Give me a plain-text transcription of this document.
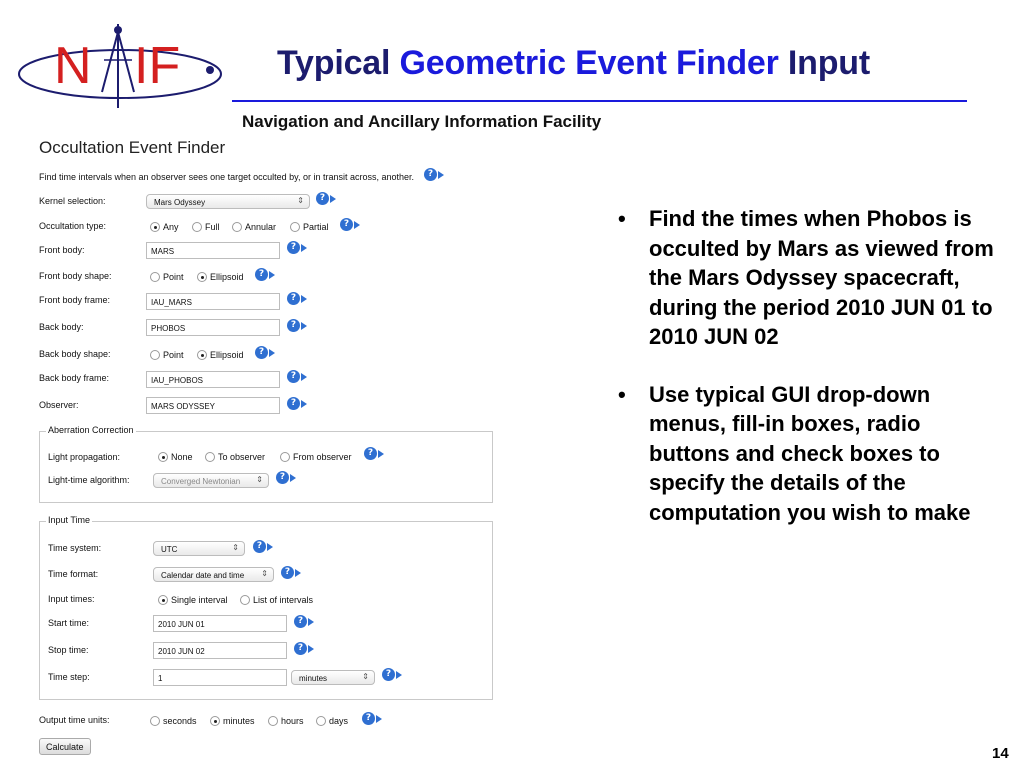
N IF	Typical Geometric Event Finder Input
Navigation and Ancillary Information Facility
14
Occultation Event Finder
Find time intervals when an observer sees one target occulted by, or in transit across, another.	?
Kernel selection:	Mars Odyssey	⇕	?
Occultation type:	Any	Full	Annular	Partial	?
Front body:	MARS	?
Front body shape:	Point	Ellipsoid	?
Front body frame:	IAU_MARS	?
Back body:	PHOBOS	?
Back body shape:	Point	Ellipsoid	?
Back body frame:	IAU_PHOBOS	?
Observer:	MARS ODYSSEY	?
Aberration Correction
Light propagation:	None	To observer	From observer	?
Light-time algorithm:	Converged Newtonian ⇕	?
Input Time
Time system:	UTC	⇕	?
Time format:	Calendar date and time ⇕	?
Input times:	Single interval	List of intervals
Start time:	2010 JUN 01	?
Stop time:	2010 JUN 02	?
Time step:	1	minutes	⇕	?
Output time units:	seconds	minutes	hours	days	?
Calculate
• Find the times when Phobos is occulted by Mars as viewed from the Mars Odyssey spacecraft, during the period 2010 JUN 01 to 2010 JUN 02
• Use typical GUI drop-down menus, fill-in boxes, radio buttons and check boxes to specify the details of the computation you wish to make
